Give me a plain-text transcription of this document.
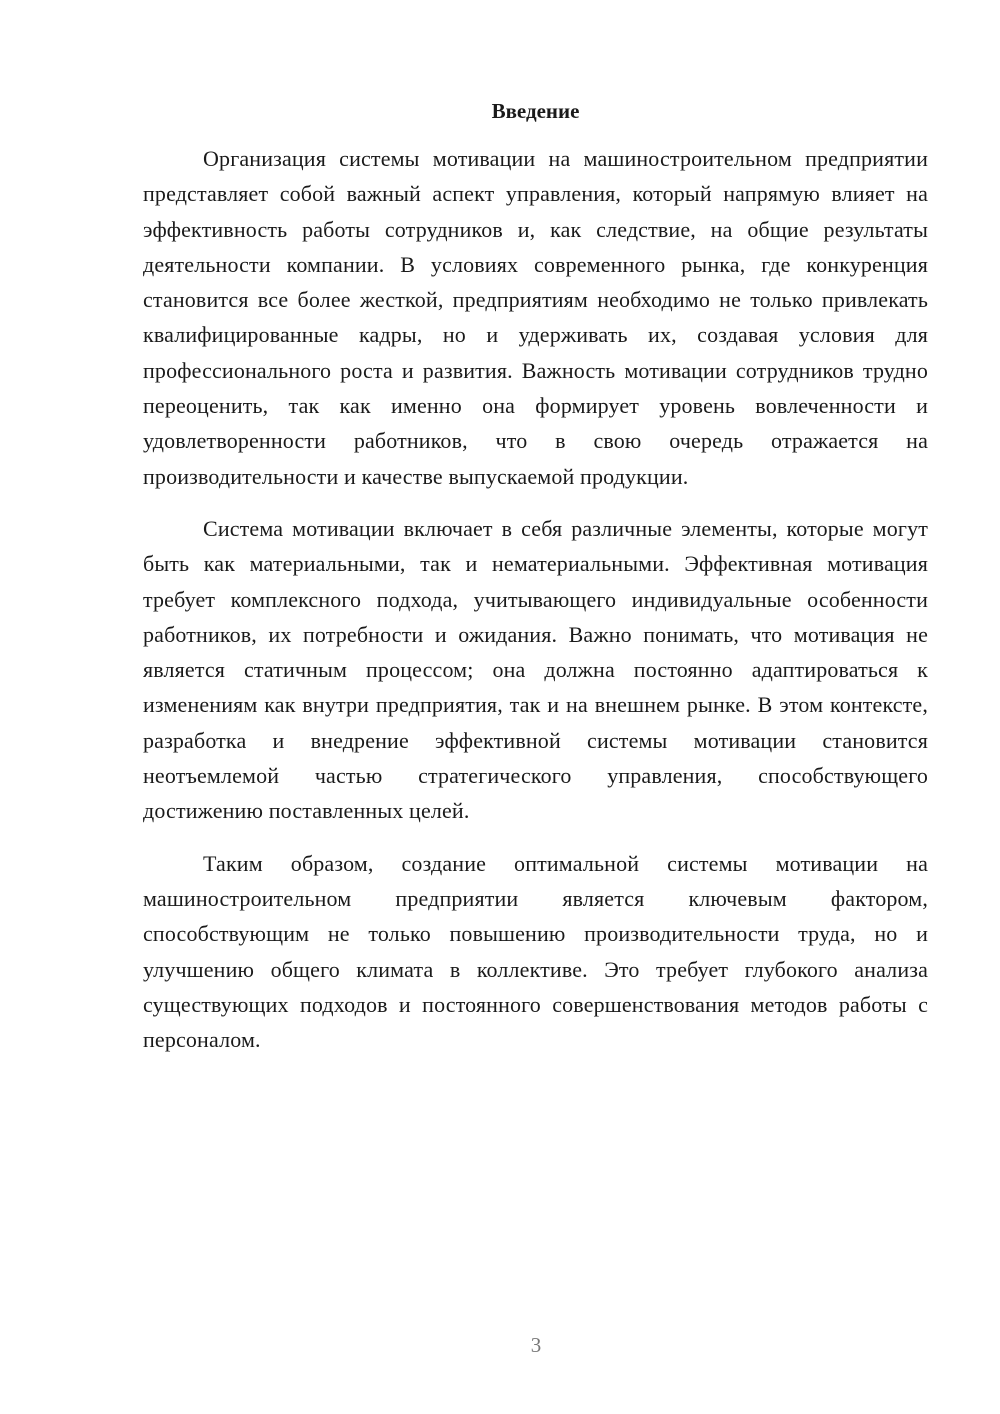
Введение

Организация системы мотивации на машиностроительном предприятии представляет собой важный аспект управления, который напрямую влияет на эффективность работы сотрудников и, как следствие, на общие результаты деятельности компании. В условиях современного рынка, где конкуренция становится все более жесткой, предприятиям необходимо не только привлекать квалифицированные кадры, но и удерживать их, создавая условия для профессионального роста и развития. Важность мотивации сотрудников трудно переоценить, так как именно она формирует уровень вовлеченности и удовлетворенности работников, что в свою очередь отражается на производительности и качестве выпускаемой продукции.

Система мотивации включает в себя различные элементы, которые могут быть как материальными, так и нематериальными. Эффективная мотивация требует комплексного подхода, учитывающего индивидуальные особенности работников, их потребности и ожидания. Важно понимать, что мотивация не является статичным процессом; она должна постоянно адаптироваться к изменениям как внутри предприятия, так и на внешнем рынке. В этом контексте, разработка и внедрение эффективной системы мотивации становится неотъемлемой частью стратегического управления, способствующего достижению поставленных целей.

Таким образом, создание оптимальной системы мотивации на машиностроительном предприятии является ключевым фактором, способствующим не только повышению производительности труда, но и улучшению общего климата в коллективе. Это требует глубокого анализа существующих подходов и постоянного совершенствования методов работы с персоналом.

3
